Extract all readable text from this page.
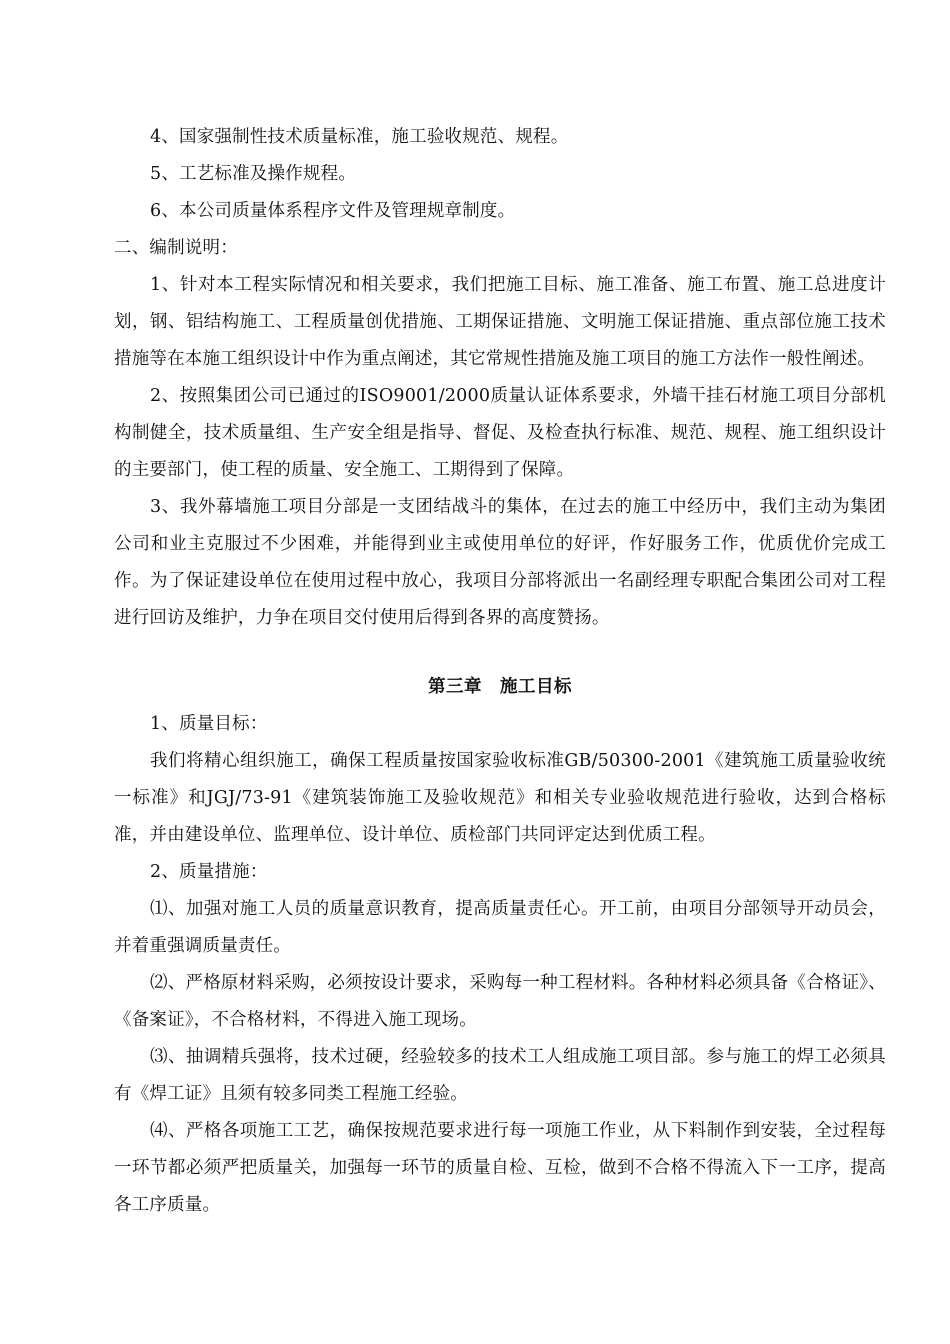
4、国家强制性技术质量标准，施工验收规范、规程。

5、工艺标准及操作规程。

6、本公司质量体系程序文件及管理规章制度。

二、编制说明：

1、针对本工程实际情况和相关要求，我们把施工目标、施工准备、施工布置、施工总进度计划，钢、铝结构施工、工程质量创优措施、工期保证措施、文明施工保证措施、重点部位施工技术措施等在本施工组织设计中作为重点阐述，其它常规性措施及施工项目的施工方法作一般性阐述。

2、按照集团公司已通过的ISO9001/2000质量认证体系要求，外墙干挂石材施工项目分部机构制健全，技术质量组、生产安全组是指导、督促、及检查执行标准、规范、规程、施工组织设计的主要部门，使工程的质量、安全施工、工期得到了保障。

3、我外幕墙施工项目分部是一支团结战斗的集体，在过去的施工中经历中，我们主动为集团公司和业主克服过不少困难，并能得到业主或使用单位的好评，作好服务工作，优质优价完成工作。为了保证建设单位在使用过程中放心，我项目分部将派出一名副经理专职配合集团公司对工程进行回访及维护，力争在项目交付使用后得到各界的高度赞扬。

第三章 施工目标

1、质量目标：

我们将精心组织施工，确保工程质量按国家验收标准GB/50300-2001《建筑施工质量验收统一标准》和JGJ/73-91《建筑装饰施工及验收规范》和相关专业验收规范进行验收，达到合格标准，并由建设单位、监理单位、设计单位、质检部门共同评定达到优质工程。

2、质量措施：

⑴、加强对施工人员的质量意识教育，提高质量责任心。开工前，由项目分部领导开动员会，并着重强调质量责任。

⑵、严格原材料采购，必须按设计要求，采购每一种工程材料。各种材料必须具备《合格证》、《备案证》，不合格材料，不得进入施工现场。

⑶、抽调精兵强将，技术过硬，经验较多的技术工人组成施工项目部。参与施工的焊工必须具有《焊工证》且须有较多同类工程施工经验。

⑷、严格各项施工工艺，确保按规范要求进行每一项施工作业，从下料制作到安装，全过程每一环节都必须严把质量关，加强每一环节的质量自检、互检，做到不合格不得流入下一工序，提高各工序质量。
